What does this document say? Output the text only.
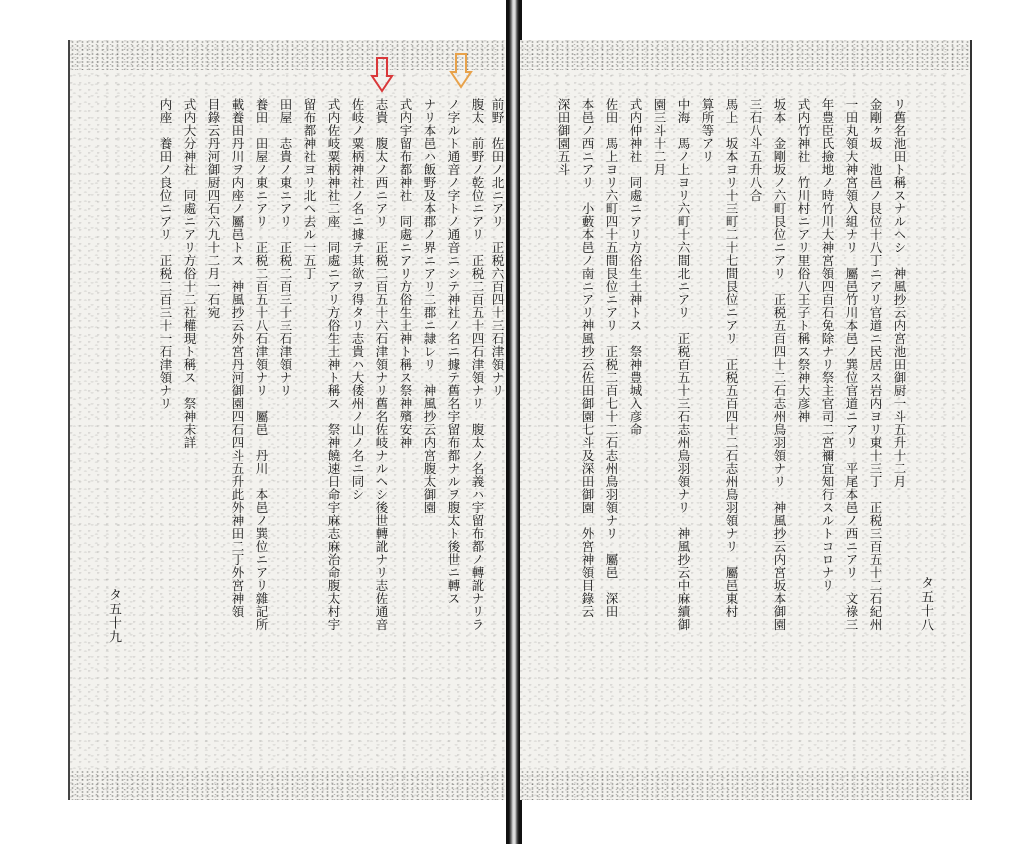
前野　佐田ノ北ニアリ　正税六百四十三石津領ナリ
腹太　前野ノ乾位ニアリ　正税二百五十四石津領ナリ　腹太ノ名義ハ宇留布都ノ轉訛ナリラ
ノ字ルト通音ノ字トノ通音ニシテ神社ノ名ニ據テ舊名宇留布都ナルヲ腹太ト後世ニ轉ス
ナリ本邑ハ飯野及本郡ノ界ニアリ二郡ニ隷レリ　神風抄云内宮腹太御園
式内宇留布都神社　同處ニアリ方俗生土神ト稱ス祭神殯安神
志貴　腹太ノ西ニアリ　正税二百五十六石津領ナリ舊名佐岐ナルヘシ後世轉訛ナリ志佐通音
佐岐ノ粟柄神社ノ名ニ據テ其欲ヲ得タリ志貴ハ大倭州ノ山ノ名ニ同シ
式内佐岐粟柄神社二座　同處ニアリ方俗生土神ト稱ス　祭神饒速日命宇麻志麻治命腹太村宇
留布都神社ヨリ北ヘ去ル一五丁
田屋　志貴ノ東ニアリ　正税二百三十三石津領ナリ
養田　田屋ノ東ニアリ　正税二百五十八石津領ナリ　屬邑　丹川　本邑ノ巽位ニアリ雜記所
載養田丹川ヲ内座ノ屬邑トス　神風抄云外宮丹河御園四石四斗五升此外神田二丁外宮神領
目錄云丹河御厨四石六九十二月一石宛
式内大分神社　同處ニアリ方俗十二社權現ト稱ス　祭神未詳
内座　養田ノ良位ニアリ　正税二百三十一石津領ナリ
タ五十九	タ五十八
リ舊名池田ト稱スナルヘシ　神風抄云内宮池田御厨一斗五升十二月
金剛ヶ坂　池邑ノ艮位十八丁ニアリ官道ニ民居ス岩内ヨリ東十三丁　正税三百五十二石紀州
一田丸領大神宮領入組ナリ　屬邑竹川本邑ノ巽位官道ニアリ　平尾本邑ノ西ニアリ　文祿三
年豊臣氏撿地ノ時竹川大神宮領四百石免除ナリ祭主官司二宮禰宜知行スルトコロナリ
式内竹神社　竹川村ニアリ里俗八王子ト稱ス祭神大彦神
坂本　金剛坂ノ六町艮位ニアリ　正税五百四十二石志州鳥羽領ナリ　神風抄云内宮坂本御園
三石八斗五升八合
馬上　坂本ヨリ十三町二十七間艮位ニアリ　正税五百四十二石志州鳥羽領ナリ　屬邑東村
算所等アリ
中海　馬ノ上ヨリ六町十六間北ニアリ　正税百五十三石志州鳥羽領ナリ　神風抄云中麻續御
園三斗十二月
式内仲神社　同處ニアリ方俗生土神トス　祭神豊城入彦命
佐田　馬上ヨリ六町四十五間艮位ニアリ　正税二百七十二石志州鳥羽領ナリ　屬邑　深田
本邑ノ西ニアリ　小藪本邑ノ南ニアリ神風抄云佐田御園七斗及深田御園　外宮神領目錄云
深田御園五斗
